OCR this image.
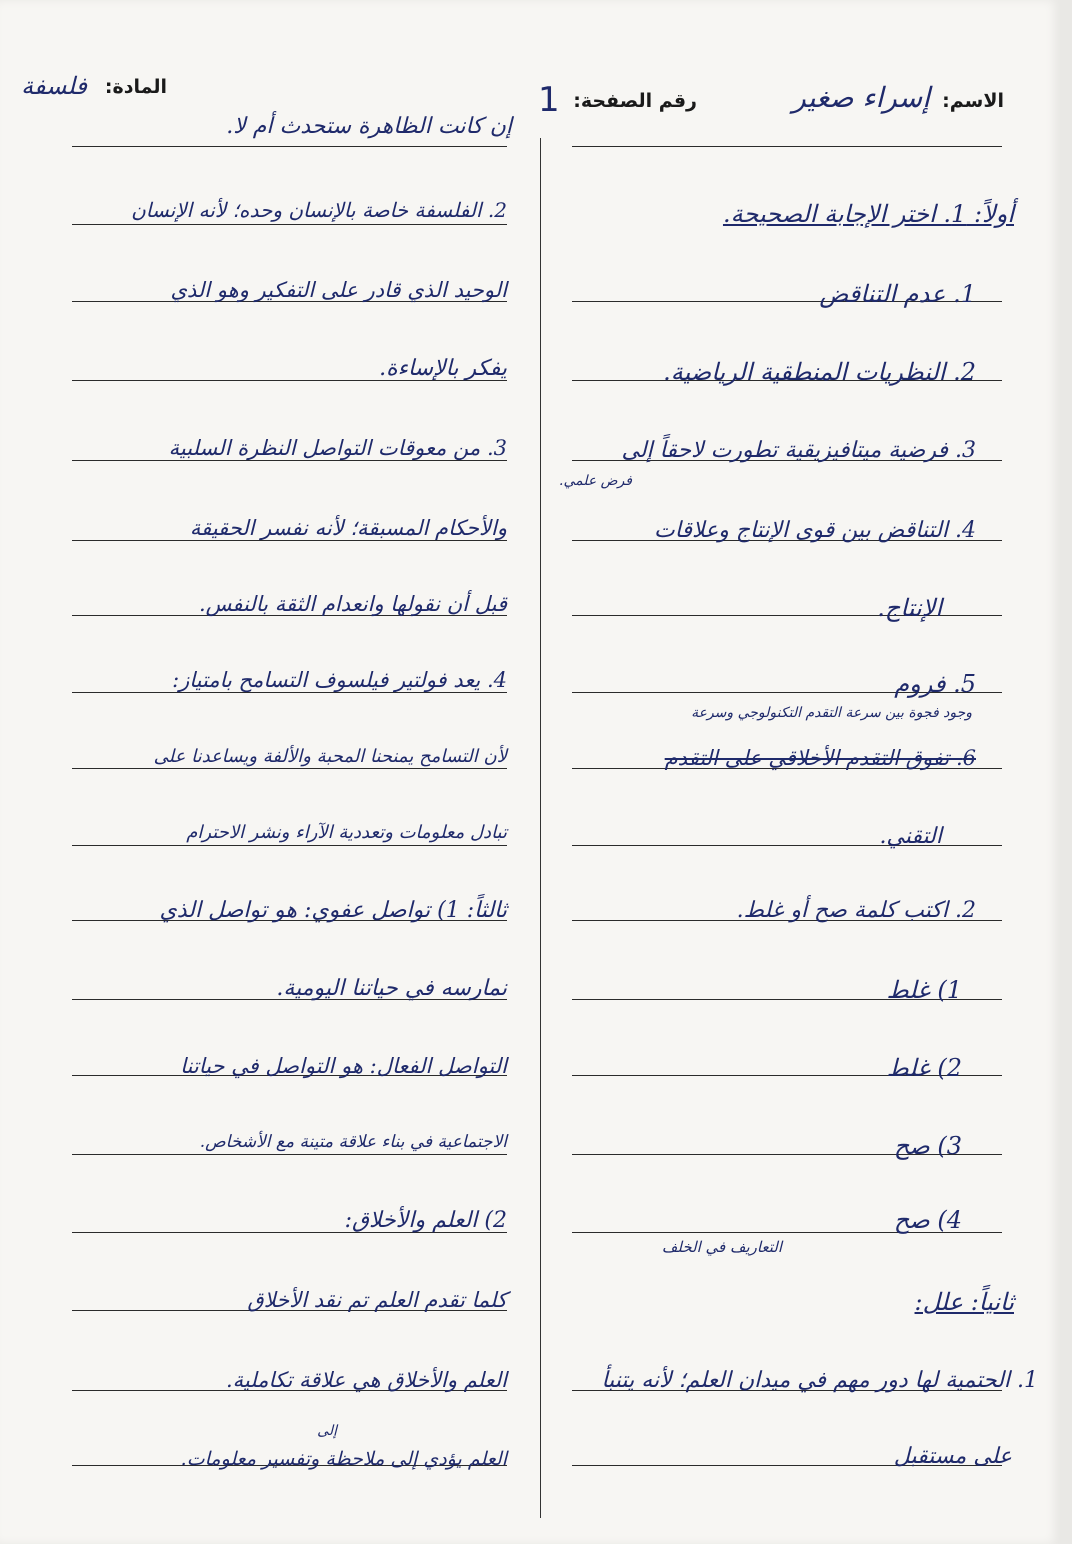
الاسم:
إسراء صغير
رقم الصفحة:
1
المادة:
فلسفة
أولاً: 1. اختر الإجابة الصحيحة.
1. عدم التناقض
2. النظريات المنطقية الرياضية.
3. فرضية ميتافيزيقية تطورت لاحقاً إلى
فرض علمي.
4. التناقض بين قوى الإنتاج وعلاقات
الإنتاج.
5. فروم
وجود فجوة بين سرعة التقدم التكنولوجي وسرعة
6. تفوق التقدم الأخلاقي على التقدم
التقني.
2. اكتب كلمة صح أو غلط.
1) غلط
2) غلط
3) صح
4) صح
التعاريف في الخلف
ثانياً: علل:
1. الحتمية لها دور مهم في ميدان العلم؛ لأنه يتنبأ
على مستقبل
إن كانت الظاهرة ستحدث أم لا.
2. الفلسفة خاصة بالإنسان وحده؛ لأنه الإنسان
الوحيد الذي قادر على التفكير وهو الذي
يفكر بالإساءة.
3. من معوقات التواصل النظرة السلبية
والأحكام المسبقة؛ لأنه نفسر الحقيقة
قبل أن نقولها وانعدام الثقة بالنفس.
4. يعد فولتير فيلسوف التسامح بامتياز:
لأن التسامح يمنحنا المحبة والألفة ويساعدنا على
تبادل معلومات وتعددية الآراء ونشر الاحترام
ثالثاً: 1) تواصل عفوي: هو تواصل الذي
نمارسه في حياتنا اليومية.
التواصل الفعال: هو التواصل في حياتنا
الاجتماعية في بناء علاقة متينة مع الأشخاص.
2) العلم والأخلاق:
كلما تقدم العلم تم نقد الأخلاق
العلم والأخلاق هي علاقة تكاملية.
العلم يؤدي إلى ملاحظة وتفسير معلومات.
إلى
